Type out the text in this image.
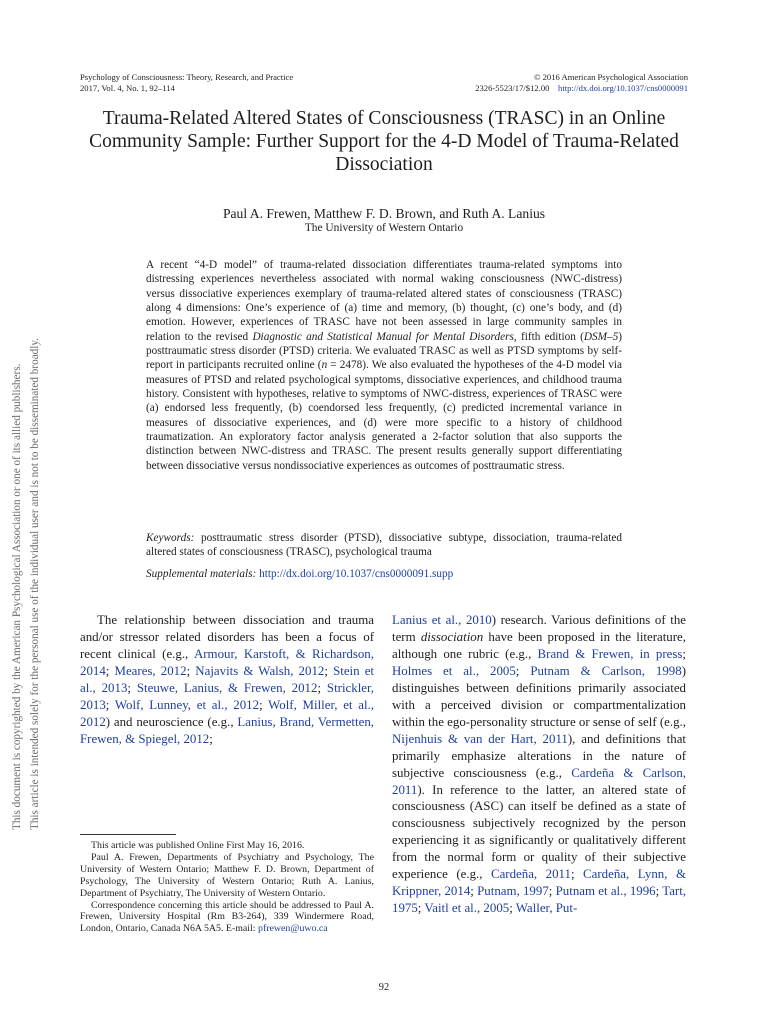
Psychology of Consciousness: Theory, Research, and Practice
2017, Vol. 4, No. 1, 92–114
© 2016 American Psychological Association
2326-5523/17/$12.00 http://dx.doi.org/10.1037/cns0000091
Trauma-Related Altered States of Consciousness (TRASC) in an Online Community Sample: Further Support for the 4-D Model of Trauma-Related Dissociation
Paul A. Frewen, Matthew F. D. Brown, and Ruth A. Lanius
The University of Western Ontario

A recent “4-D model” of trauma-related dissociation differentiates trauma-related symptoms into distressing experiences nevertheless associated with normal waking consciousness (NWC-distress) versus dissociative experiences exemplary of trauma-related altered states of consciousness (TRASC) along 4 dimensions: One’s experience of (a) time and memory, (b) thought, (c) one’s body, and (d) emotion. However, experiences of TRASC have not been assessed in large community samples in relation to the revised Diagnostic and Statistical Manual for Mental Disorders, fifth edition (DSM–5) posttraumatic stress disorder (PTSD) criteria. We evaluated TRASC as well as PTSD symptoms by self-report in participants recruited online (n = 2478). We also evaluated the hypotheses of the 4-D model via measures of PTSD and related psychological symptoms, dissociative experiences, and childhood trauma history. Consistent with hypotheses, relative to symptoms of NWC-distress, experiences of TRASC were (a) endorsed less frequently, (b) coendorsed less frequently, (c) predicted incremental variance in measures of dissociative experiences, and (d) were more specific to a history of childhood traumatization. An exploratory factor analysis generated a 2-factor solution that also supports the distinction between NWC-distress and TRASC. The present results generally support differentiating between dissociative versus nondissociative experiences as outcomes of posttraumatic stress.

Keywords: posttraumatic stress disorder (PTSD), dissociative subtype, dissociation, trauma-related altered states of consciousness (TRASC), psychological trauma
Supplemental materials: http://dx.doi.org/10.1037/cns0000091.supp

The relationship between dissociation and trauma and/or stressor related disorders has been a focus of recent clinical (e.g., Armour, Karstoft, & Richardson, 2014; Meares, 2012; Najavits & Walsh, 2012; Stein et al., 2013; Steuwe, Lanius, & Frewen, 2012; Strickler, 2013; Wolf, Lunney, et al., 2012; Wolf, Miller, et al., 2012) and neuroscience (e.g., Lanius, Brand, Vermetten, Frewen, & Spiegel, 2012;

This article was published Online First May 16, 2016.

Paul A. Frewen, Departments of Psychiatry and Psychology, The University of Western Ontario; Matthew F. D. Brown, Department of Psychology, The University of Western Ontario; Ruth A. Lanius, Department of Psychiatry, The University of Western Ontario.

Correspondence concerning this article should be addressed to Paul A. Frewen, University Hospital (Rm B3-264), 339 Windermere Road, London, Ontario, Canada N6A 5A5. E-mail: pfrewen@uwo.ca

Lanius et al., 2010) research. Various definitions of the term dissociation have been proposed in the literature, although one rubric (e.g., Brand & Frewen, in press; Holmes et al., 2005; Putnam & Carlson, 1998) distinguishes between definitions primarily associated with a perceived division or compartmentalization within the ego-personality structure or sense of self (e.g., Nijenhuis & van der Hart, 2011), and definitions that primarily emphasize alterations in the nature of subjective consciousness (e.g., Cardeña & Carlson, 2011). In reference to the latter, an altered state of consciousness (ASC) can itself be defined as a state of consciousness subjectively recognized by the person experiencing it as significantly or qualitatively different from the normal form or quality of their subjective experience (e.g., Cardeña, 2011; Cardeña, Lynn, & Krippner, 2014; Putnam, 1997; Putnam et al., 1996; Tart, 1975; Vaitl et al., 2005; Waller, Put-

92
This document is copyrighted by the American Psychological Association or one of its allied publishers. This article is intended solely for the personal use of the individual user and is not to be disseminated broadly.
